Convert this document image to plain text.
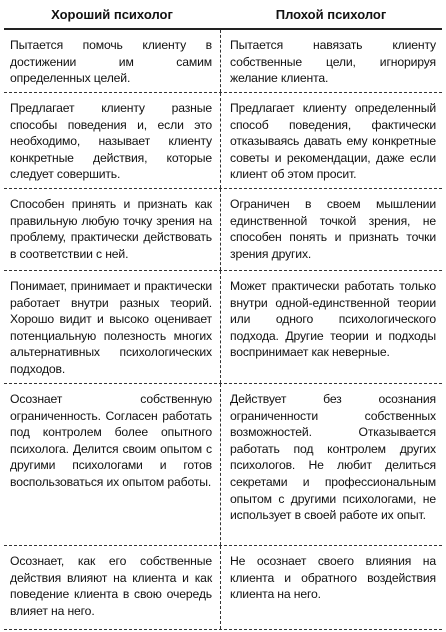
Хороший психолог	Плохой психолог
Пытается помочь клиенту в достижении им самим определенных целей.
Пытается навязать клиенту собственные цели, игнорируя желание клиента.
Предлагает клиенту разные способы поведения и, если это необходимо, называет клиенту конкретные действия, которые следует совершить.
Предлагает клиенту определенный способ поведения, фактически отказываясь давать ему конкретные советы и рекомендации, даже если клиент об этом просит.
Способен принять и признать как правильную любую точку зрения на проблему, практически действовать в соответствии с ней.
Ограничен в своем мышлении единственной точкой зрения, не способен понять и признать точки зрения других.
Понимает, принимает и практически работает внутри разных теорий. Хорошо видит и высоко оценивает потенциальную полезность многих альтернативных психологических подходов.
Может практически работать только внутри одной-единственной теории или одного психологического подхода. Другие теории и подходы воспринимает как неверные.
Осознает собственную ограниченность. Согласен работать под контролем более опытного психолога. Делится своим опытом с другими психологами и готов воспользоваться их опытом работы.
Действует без осознания ограниченности собственных возможностей. Отказывается работать под контролем других психологов. Не любит делиться секретами и профессиональным опытом с другими психологами, не использует в своей работе их опыт.
Осознает, как его собственные действия влияют на клиента и как поведение клиента в свою очередь влияет на него.
Не осознает своего влияния на клиента и обратного воздействия клиента на него.
